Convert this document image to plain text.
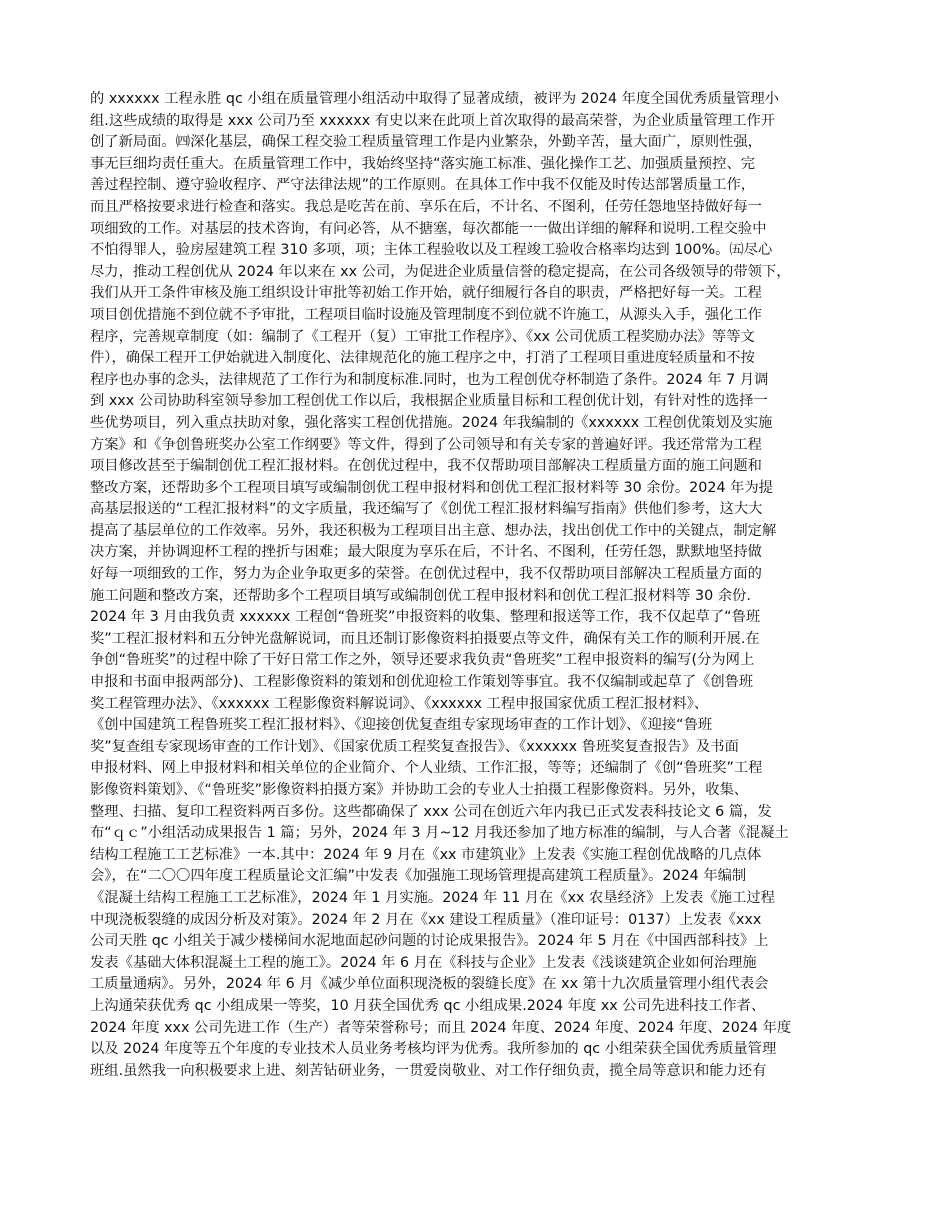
的 xxxxxx 工程永胜 qc 小组在质量管理小组活动中取得了显著成绩，被评为 2024 年度全国优秀质量管理小
组.这些成绩的取得是 xxx 公司乃至 xxxxxx 有史以来在此项上首次取得的最高荣誉，为企业质量管理工作开
创了新局面。㈣深化基层，确保工程交验工程质量管理工作是内业繁杂，外勤辛苦，量大面广，原则性强，
事无巨细均责任重大。在质量管理工作中，我始终坚持“落实施工标准、强化操作工艺、加强质量预控、完
善过程控制、遵守验收程序、严守法律法规”的工作原则。在具体工作中我不仅能及时传达部署质量工作，
而且严格按要求进行检查和落实。我总是吃苦在前、享乐在后，不计名、不图利，任劳任怨地坚持做好每一
项细致的工作。对基层的技术咨询，有问必答，从不搪塞，每次都能一一做出详细的解释和说明.工程交验中
不怕得罪人，验房屋建筑工程 310 多项，项；主体工程验收以及工程竣工验收合格率均达到 100%。㈤尽心
尽力，推动工程创优从 2024 年以来在 xx 公司，为促进企业质量信誉的稳定提高，在公司各级领导的带领下，
我们从开工条件审核及施工组织设计审批等初始工作开始，就仔细履行各自的职责，严格把好每一关。工程
项目创优措施不到位就不予审批，工程项目临时设施及管理制度不到位就不许施工，从源头入手，强化工作
程序，完善规章制度（如：编制了《工程开（复）工审批工作程序》、《xx 公司优质工程奖励办法》等等文
件），确保工程开工伊始就进入制度化、法律规范化的施工程序之中，打消了工程项目重进度轻质量和不按
程序也办事的念头，法律规范了工作行为和制度标准.同时，也为工程创优夺杯制造了条件。2024 年 7 月调
到 xxx 公司协助科室领导参加工程创优工作以后，我根据企业质量目标和工程创优计划，有针对性的选择一
些优势项目，列入重点扶助对象，强化落实工程创优措施。2024 年我编制的《xxxxxx 工程创优策划及实施
方案》和《争创鲁班奖办公室工作纲要》等文件，得到了公司领导和有关专家的普遍好评。我还常常为工程
项目修改甚至于编制创优工程汇报材料。在创优过程中，我不仅帮助项目部解决工程质量方面的施工问题和
整改方案，还帮助多个工程项目填写或编制创优工程申报材料和创优工程汇报材料等 30 余份。2024 年为提
高基层报送的“工程汇报材料”的文字质量，我还编写了《创优工程汇报材料编写指南》供他们参考，这大大
提高了基层单位的工作效率。另外，我还积极为工程项目出主意、想办法，找出创优工作中的关键点，制定解
决方案，并协调迎杯工程的挫折与困难；最大限度为享乐在后，不计名、不图利，任劳任怨，默默地坚持做
好每一项细致的工作，努力为企业争取更多的荣誉。在创优过程中，我不仅帮助项目部解决工程质量方面的
施工问题和整改方案，还帮助多个工程项目填写或编制创优工程申报材料和创优工程汇报材料等 30 余份.
2024 年 3 月由我负责 xxxxxx 工程创“鲁班奖”申报资料的收集、整理和报送等工作，我不仅起草了“鲁班
奖”工程汇报材料和五分钟光盘解说词，而且还制订影像资料拍摄要点等文件，确保有关工作的顺利开展.在
争创“鲁班奖”的过程中除了干好日常工作之外，领导还要求我负责“鲁班奖”工程申报资料的编写(分为网上
申报和书面申报两部分)、工程影像资料的策划和创优迎检工作策划等事宜。我不仅编制或起草了《创鲁班
奖工程管理办法》、《xxxxxx 工程影像资料解说词》、《xxxxxx 工程申报国家优质工程汇报材料》、
《创中国建筑工程鲁班奖工程汇报材料》、《迎接创优复查组专家现场审查的工作计划》、《迎接“鲁班
奖”复查组专家现场审查的工作计划》、《国家优质工程奖复查报告》、《xxxxxx 鲁班奖复查报告》及书面
申报材料、网上申报材料和相关单位的企业简介、个人业绩、工作汇报，等等；还编制了《创“鲁班奖”工程
影像资料策划》、《“鲁班奖”影像资料拍摄方案》并协助工会的专业人士拍摄工程影像资料。另外，收集、
整理、扫描、复印工程资料两百多份。这些都确保了 xxx 公司在创近六年内我已正式发表科技论文 6 篇，发
布“ｑｃ”小组活动成果报告 1 篇；另外，2024 年 3 月~12 月我还参加了地方标准的编制，与人合著《混凝土
结构工程施工工艺标准》一本.其中：2024 年 9 月在《xx 市建筑业》上发表《实施工程创优战略的几点体
会》，在“二〇〇四年度工程质量论文汇编”中发表《加强施工现场管理提高建筑工程质量》。2024 年编制
《混凝土结构工程施工工艺标准》，2024 年 1 月实施。2024 年 11 月在《xx 农垦经济》上发表《施工过程
中现浇板裂缝的成因分析及对策》。2024 年 2 月在《xx 建设工程质量》（准印证号：0137）上发表《xxx
公司天胜 qc 小组关于减少楼梯间水泥地面起砂问题的讨论成果报告》。2024 年 5 月在《中国西部科技》上
发表《基础大体积混凝土工程的施工》。2024 年 6 月在《科技与企业》上发表《浅谈建筑企业如何治理施
工质量通病》。另外，2024 年 6 月《减少单位面积现浇板的裂缝长度》在 xx 第十九次质量管理小组代表会
上沟通荣获优秀 qc 小组成果一等奖，10 月获全国优秀 qc 小组成果.2024 年度 xx 公司先进科技工作者、
2024 年度 xxx 公司先进工作（生产）者等荣誉称号；而且 2024 年度、2024 年度、2024 年度、2024 年度
以及 2024 年度等五个年度的专业技术人员业务考核均评为优秀。我所参加的 qc 小组荣获全国优秀质量管理
班组.虽然我一向积极要求上进、刻苦钻研业务，一贯爱岗敬业、对工作仔细负责，揽全局等意识和能力还有
